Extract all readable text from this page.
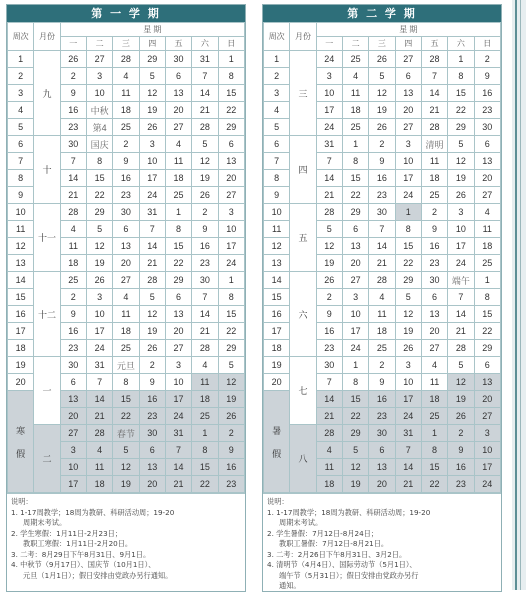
第 一 学 期
周次	月份	星 期						
		一	二	三	四	五	六	日
1	九	26	27	28	29	30	31	1
2		2	3	4	5	6	7	8
3		9	10	11	12	13	14	15
4		16	中秋	18	19	20	21	22
5		23	第4	25	26	27	28	29
6	十	30	国庆	2	3	4	5	6
7		7	8	9	10	11	12	13
8		14	15	16	17	18	19	20
9		21	22	23	24	25	26	27
10	十一	28	29	30	31	1	2	3
11		4	5	6	7	8	9	10
12		11	12	13	14	15	16	17
13		18	19	20	21	22	23	24
14	十二	25	26	27	28	29	30	1
15		2	3	4	5	6	7	8
16		9	10	11	12	13	14	15
17		16	17	18	19	20	21	22
18		23	24	25	26	27	28	29
19	一	30	31	元旦	2	3	4	5
20		6	7	8	9	10	11	12

寒
假		13	14	15	16	17	18	19
		20	21	22	23	24	25	26
	二	27	28	春节	30	31	1	2
		3	4	5	6	7	8	9
		10	11	12	13	14	15	16
		17	18	19	20	21	22	23
说明：
1. 1-17周教学；18周为教研、科研活动周；19-20
周期末考试。
2. 学生寒假：1月11日-2月23日；
教职工寒假：1月11日-2月20日。
3. 二考：8月29日下午8月31日、9月1日。
4. 中秋节（9月17日）、国庆节（10月1日）、
元旦（1月1日）；假日安排由党政办另行通知。
第 二 学 期
周次	月份	星 期						
		一	二	三	四	五	六	日
1	三	24	25	26	27	28	1	2
2		3	4	5	6	7	8	9
3		10	11	12	13	14	15	16
4		17	18	19	20	21	22	23
5		24	25	26	27	28	29	30
6	四	31	1	2	3	清明	5	6
7		7	8	9	10	11	12	13
8		14	15	16	17	18	19	20
9		21	22	23	24	25	26	27
10	五	28	29	30	1	2	3	4
11		5	6	7	8	9	10	11
12		12	13	14	15	16	17	18
13		19	20	21	22	23	24	25
14	六	26	27	28	29	30	端午	1
15		2	3	4	5	6	7	8
16		9	10	11	12	13	14	15
17		16	17	18	19	20	21	22
18		23	24	25	26	27	28	29
19	七	30	1	2	3	4	5	6
20		7	8	9	10	11	12	13

暑
假		14	15	16	17	18	19	20
		21	22	23	24	25	26	27
	八	28	29	30	31	1	2	3
		4	5	6	7	8	9	10
		11	12	13	14	15	16	17
		18	19	20	21	22	23	24
说明：
1. 1-17周教学；18周为教研、科研活动周；19-20
周期末考试。
2. 学生暑假：7月12日-8月24日；
教职工暑假：7月12日-8月21日。
3. 二考：2月26日下午8月31日、3月2日。
4. 清明节（4月4日）、国际劳动节（5月1日）、
端午节（5月31日）；假日安排由党政办另行
通知。
